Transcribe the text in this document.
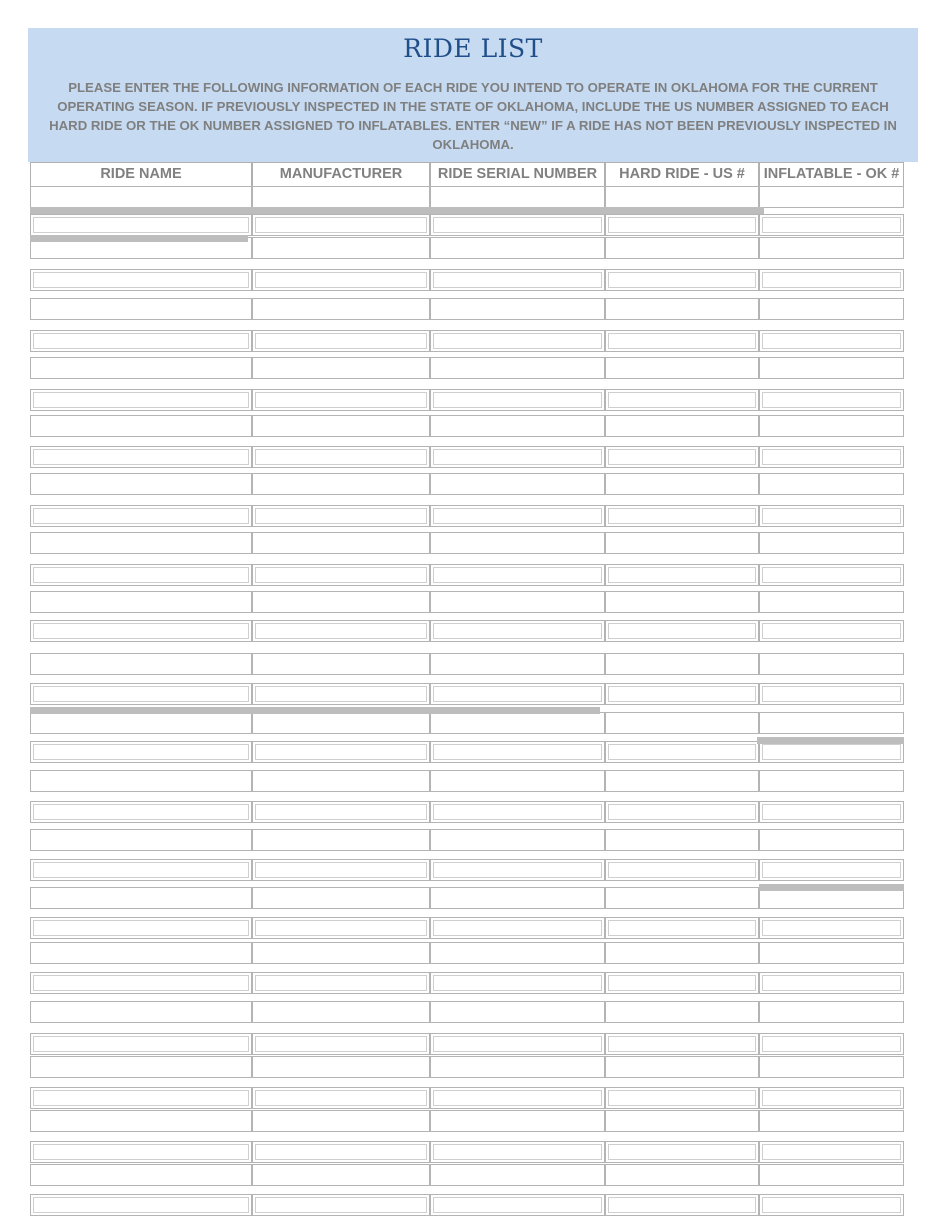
RIDE LIST
PLEASE ENTER THE FOLLOWING INFORMATION OF EACH RIDE YOU INTEND TO OPERATE IN OKLAHOMA FOR THE CURRENT OPERATING SEASON. IF PREVIOUSLY INSPECTED IN THE STATE OF OKLAHOMA, INCLUDE THE US NUMBER ASSIGNED TO EACH HARD RIDE OR THE OK NUMBER ASSIGNED TO INFLATABLES. ENTER “NEW” IF A RIDE HAS NOT BEEN PREVIOUSLY INSPECTED IN OKLAHOMA.
RIDE NAME	MANUFACTURER	RIDE SERIAL NUMBER	HARD RIDE - US #	INFLATABLE - OK #
